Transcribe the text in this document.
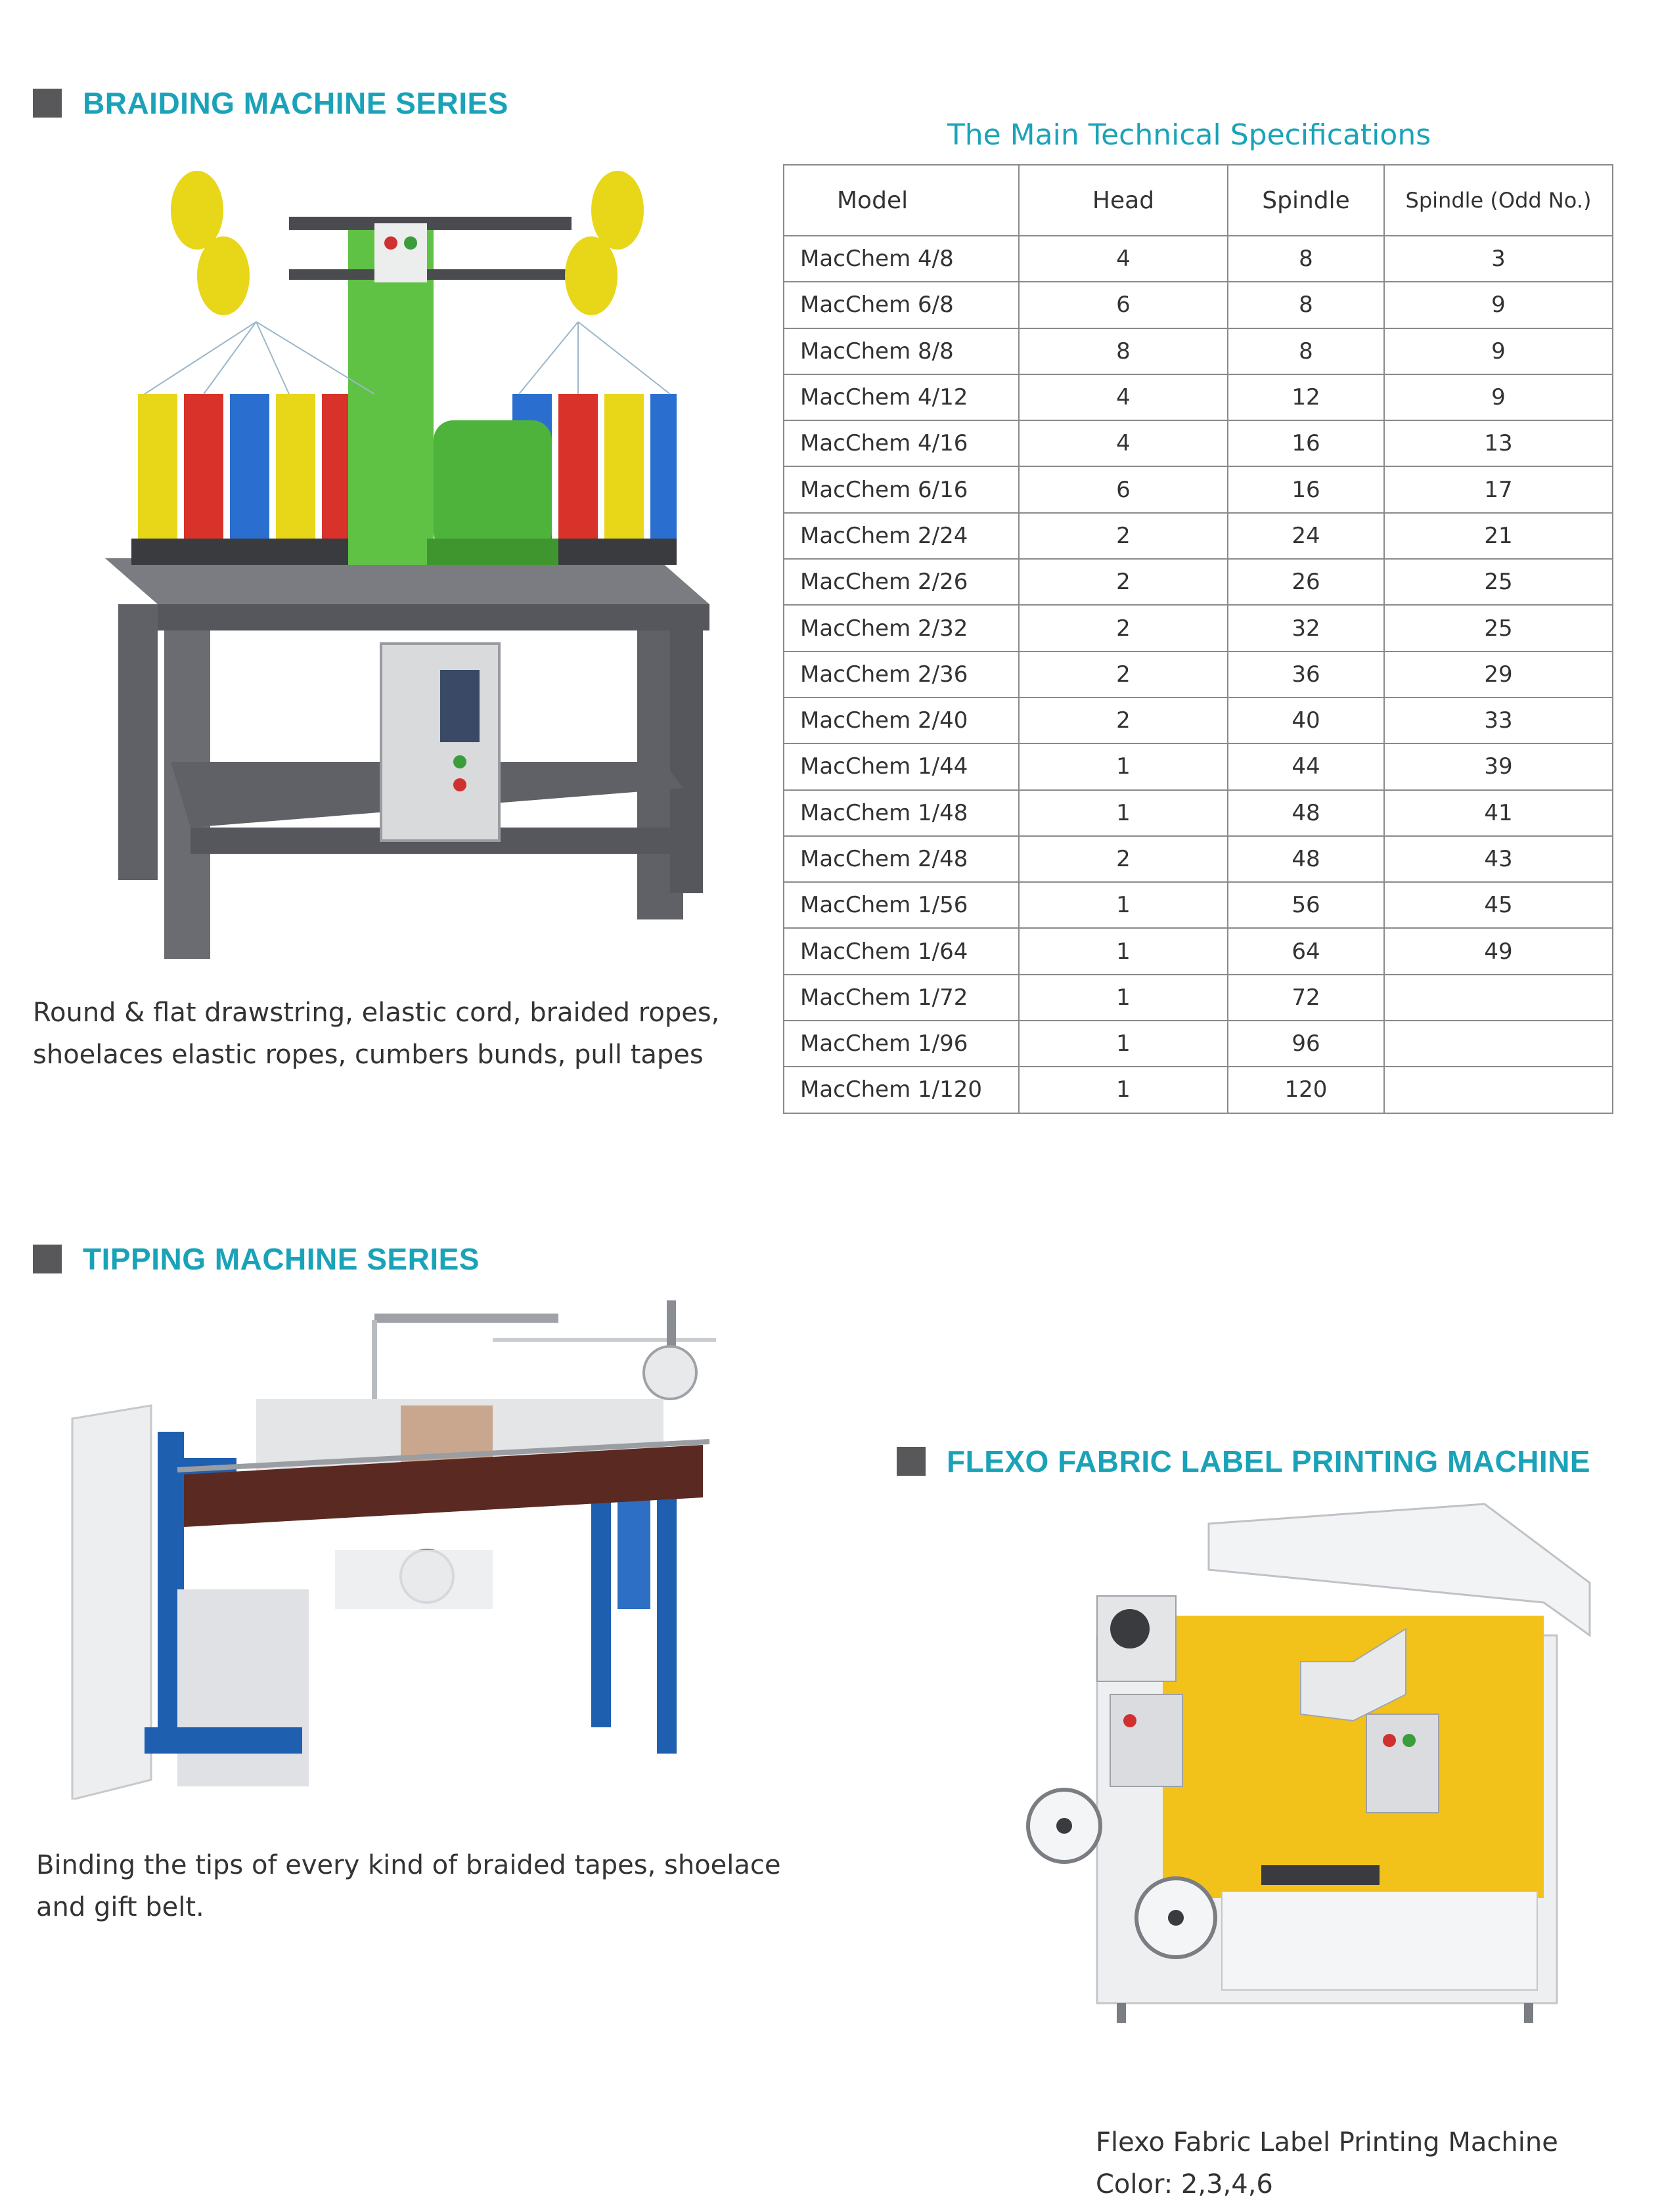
BRAIDING MACHINE SERIES
Round & flat drawstring, elastic cord, braided ropes,
shoelaces elastic ropes, cumbers bunds, pull tapes
The Main Technical Specifications
Model	Head	Spindle	Spindle (Odd No.)
MacChem 4/8	4	8	3
MacChem 6/8	6	8	9
MacChem 8/8	8	8	9
MacChem 4/12	4	12	9
MacChem 4/16	4	16	13
MacChem 6/16	6	16	17
MacChem 2/24	2	24	21
MacChem 2/26	2	26	25
MacChem 2/32	2	32	25
MacChem 2/36	2	36	29
MacChem 2/40	2	40	33
MacChem 1/44	1	44	39
MacChem 1/48	1	48	41
MacChem 2/48	2	48	43
MacChem 1/56	1	56	45
MacChem 1/64	1	64	49
MacChem 1/72	1	72	
MacChem 1/96	1	96	
MacChem 1/120	1	120	
TIPPING MACHINE SERIES
Binding the tips of every kind of braided tapes, shoelace
and gift belt.
FLEXO FABRIC LABEL PRINTING MACHINE
Flexo Fabric Label Printing Machine
Color: 2,3,4,6
